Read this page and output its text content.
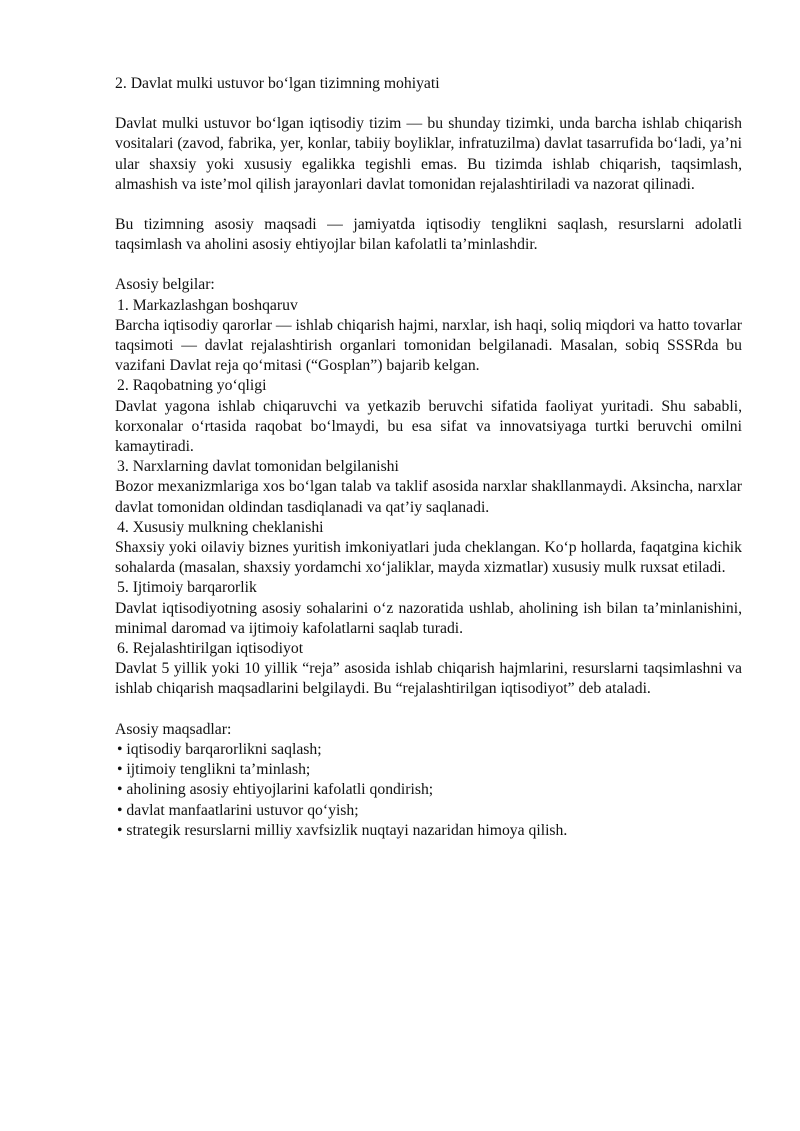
2. Davlat mulki ustuvor bo‘lgan tizimning mohiyati

Davlat mulki ustuvor bo‘lgan iqtisodiy tizim — bu shunday tizimki, unda barcha ishlab chiqarish vositalari (zavod, fabrika, yer, konlar, tabiiy boyliklar, infratuzilma) davlat tasarrufida bo‘ladi, ya’ni ular shaxsiy yoki xususiy egalikka tegishli emas. Bu tizimda ishlab chiqarish, taqsimlash, almashish va iste’mol qilish jarayonlari davlat tomonidan rejalashtiriladi va nazorat qilinadi.

Bu tizimning asosiy maqsadi — jamiyatda iqtisodiy tenglikni saqlash, resurslarni adolatli taqsimlash va aholini asosiy ehtiyojlar bilan kafolatli ta’minlashdir.

Asosiy belgilar:
1. Markazlashgan boshqaruv

Barcha iqtisodiy qarorlar — ishlab chiqarish hajmi, narxlar, ish haqi, soliq miqdori va hatto tovarlar taqsimoti — davlat rejalashtirish organlari tomonidan belgilanadi. Masalan, sobiq SSSRda bu vazifani Davlat reja qo‘mitasi (“Gosplan”) bajarib kelgan.

2. Raqobatning yo‘qligi

Davlat yagona ishlab chiqaruvchi va yetkazib beruvchi sifatida faoliyat yuritadi. Shu sababli, korxonalar o‘rtasida raqobat bo‘lmaydi, bu esa sifat va innovatsiyaga turtki beruvchi omilni kamaytiradi.

3. Narxlarning davlat tomonidan belgilanishi

Bozor mexanizmlariga xos bo‘lgan talab va taklif asosida narxlar shakllanmaydi. Aksincha, narxlar davlat tomonidan oldindan tasdiqlanadi va qat’iy saqlanadi.

4. Xususiy mulkning cheklanishi

Shaxsiy yoki oilaviy biznes yuritish imkoniyatlari juda cheklangan. Ko‘p hollarda, faqatgina kichik sohalarda (masalan, shaxsiy yordamchi xo‘jaliklar, mayda xizmatlar) xususiy mulk ruxsat etiladi.

5. Ijtimoiy barqarorlik

Davlat iqtisodiyotning asosiy sohalarini o‘z nazoratida ushlab, aholining ish bilan ta’minlanishini, minimal daromad va ijtimoiy kafolatlarni saqlab turadi.

6. Rejalashtirilgan iqtisodiyot

Davlat 5 yillik yoki 10 yillik “reja” asosida ishlab chiqarish hajmlarini, resurslarni taqsimlashni va ishlab chiqarish maqsadlarini belgilaydi. Bu “rejalashtirilgan iqtisodiyot” deb ataladi.

Asosiy maqsadlar:
• iqtisodiy barqarorlikni saqlash;
• ijtimoiy tenglikni ta’minlash;
• aholining asosiy ehtiyojlarini kafolatli qondirish;
• davlat manfaatlarini ustuvor qo‘yish;
• strategik resurslarni milliy xavfsizlik nuqtayi nazaridan himoya qilish.
